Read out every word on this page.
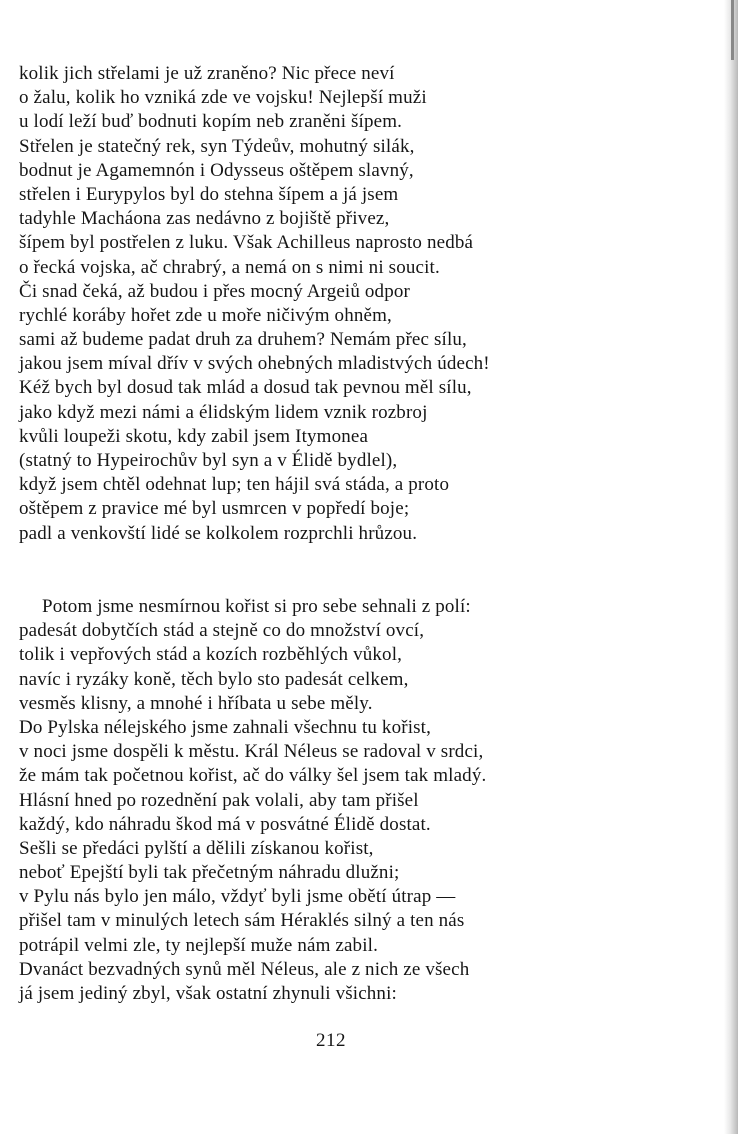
kolik jich střelami je už zraněno? Nic přece neví
o žalu, kolik ho vzniká zde ve vojsku! Nejlepší muži
u lodí leží buď bodnuti kopím neb zraněni šípem.
Střelen je statečný rek, syn Týdeův, mohutný silák,
bodnut je Agamemnón i Odysseus oštěpem slavný,
střelen i Eurypylos byl do stehna šípem a já jsem
tadyhle Macháona zas nedávno z bojiště přivez,
šípem byl postřelen z luku. Však Achilleus naprosto nedbá
o řecká vojska, ač chrabrý, a nemá on s nimi ni soucit.
Či snad čeká, až budou i přes mocný Argeiů odpor
rychlé koráby hořet zde u moře ničivým ohněm,
sami až budeme padat druh za druhem? Nemám přec sílu,
jakou jsem míval dřív v svých ohebných mladistvých údech!
Kéž bych byl dosud tak mlád a dosud tak pevnou měl sílu,
jako když mezi námi a élidským lidem vznik rozbroj
kvůli loupeži skotu, kdy zabil jsem Itymonea
(statný to Hypeirochův byl syn a v Élidě bydlel),
když jsem chtěl odehnat lup; ten hájil svá stáda, a proto
oštěpem z pravice mé byl usmrcen v popředí boje;
padl a venkovští lidé se kolkolem rozprchli hrůzou.
Potom jsme nesmírnou kořist si pro sebe sehnali z polí:
padesát dobytčích stád a stejně co do množství ovcí,
tolik i vepřových stád a kozích rozběhlých vůkol,
navíc i ryzáky koně, těch bylo sto padesát celkem,
vesměs klisny, a mnohé i hříbata u sebe měly.
Do Pylska nélejského jsme zahnali všechnu tu kořist,
v noci jsme dospěli k městu. Král Néleus se radoval v srdci,
že mám tak početnou kořist, ač do války šel jsem tak mladý.
Hlásní hned po rozednění pak volali, aby tam přišel
každý, kdo náhradu škod má v posvátné Élidě dostat.
Sešli se předáci pylští a dělili získanou kořist,
neboť Epejští byli tak přečetným náhradu dlužni;
v Pylu nás bylo jen málo, vždyť byli jsme obětí útrap —
přišel tam v minulých letech sám Héraklés silný a ten nás
potrápil velmi zle, ty nejlepší muže nám zabil.
Dvanáct bezvadných synů měl Néleus, ale z nich ze všech
já jsem jediný zbyl, však ostatní zhynuli všichni:
212
